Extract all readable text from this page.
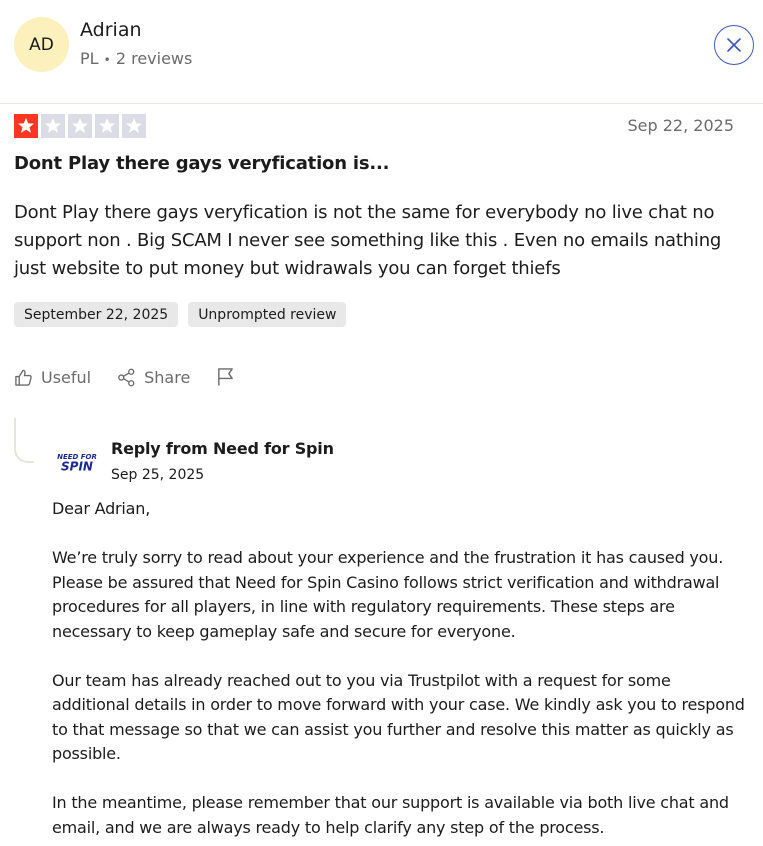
AD
Adrian
PL • 2 reviews
Sep 22, 2025
Dont Play there gays veryfication is...
Dont Play there gays veryfication is not the same for everybody no live chat no support non . Big SCAM I never see something like this . Even no emails nathing just website to put money but widrawals you can forget thiefs
September 22, 2025	Unprompted review
Useful	Share
NEED FOR
SPIN
Reply from Need for Spin
Sep 25, 2025

Dear Adrian,

We’re truly sorry to read about your experience and the frustration it has caused you. Please be assured that Need for Spin Casino follows strict verification and withdrawal procedures for all players, in line with regulatory requirements. These steps are necessary to keep gameplay safe and secure for everyone.

Our team has already reached out to you via Trustpilot with a request for some additional details in order to move forward with your case. We kindly ask you to respond to that message so that we can assist you further and resolve this matter as quickly as possible.

In the meantime, please remember that our support is available via both live chat and email, and we are always ready to help clarify any step of the process.
